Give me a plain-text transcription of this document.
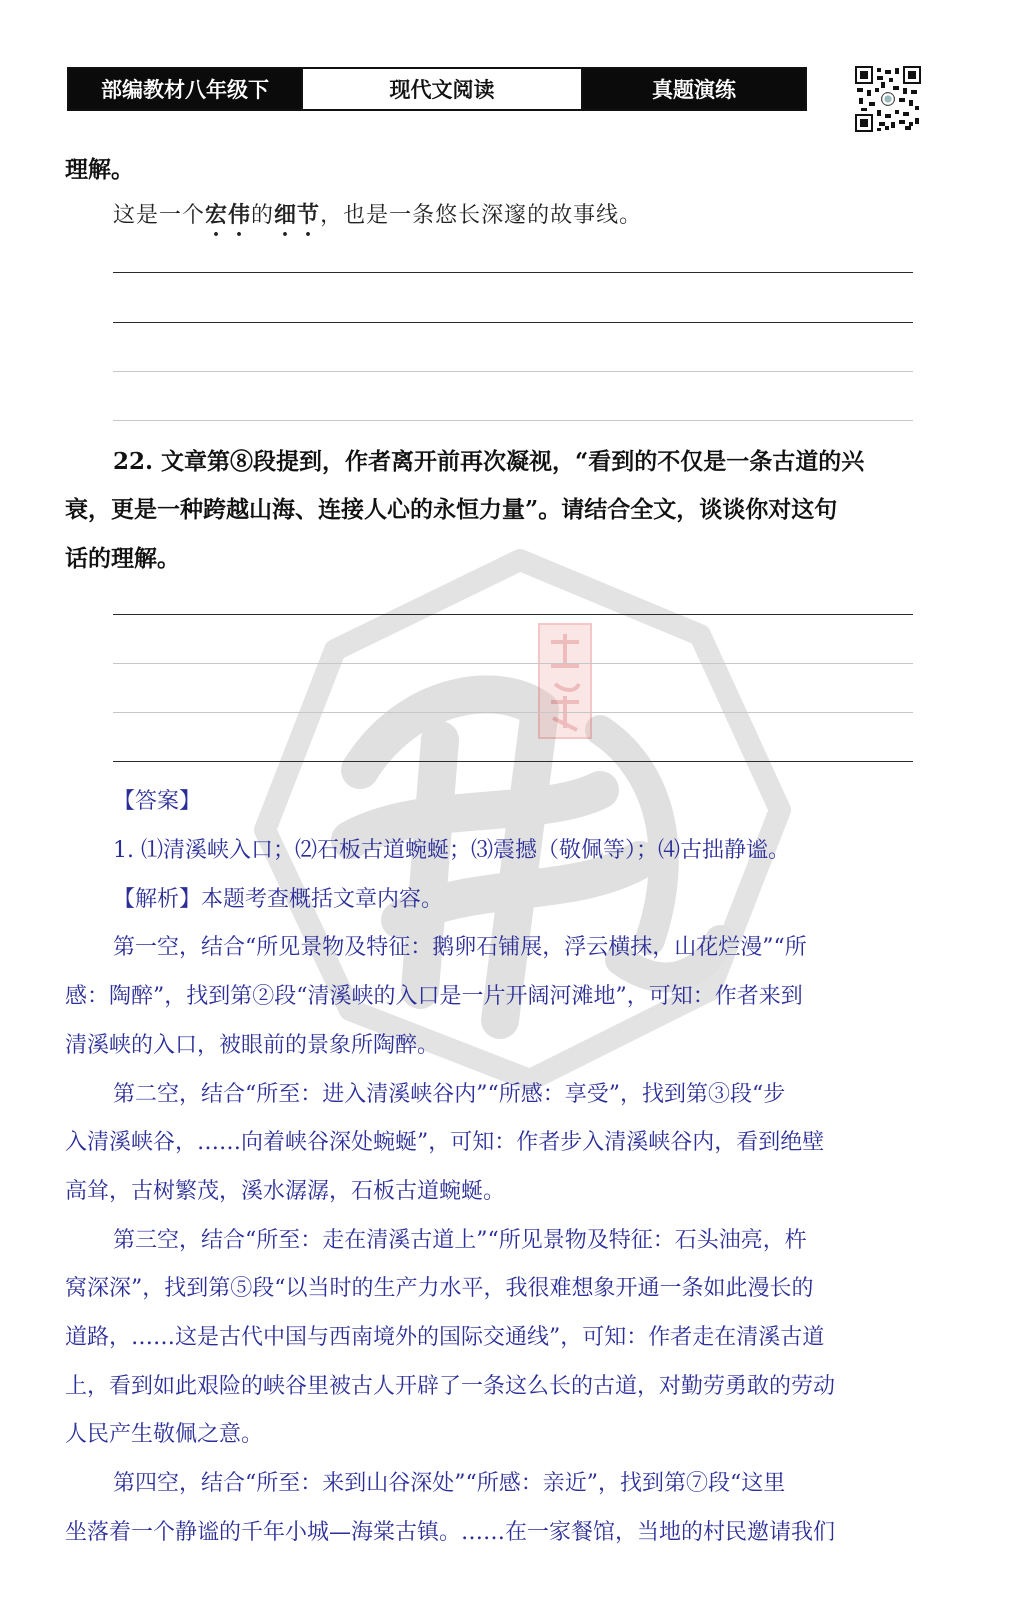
部编教材八年级下	现代文阅读	真题演练
理解。
这是一个宏伟的细节，也是一条悠长深邃的故事线。
22. 文章第⑧段提到，作者离开前再次凝视，“看到的不仅是一条古道的兴
衰，更是一种跨越山海、连接人心的永恒力量”。请结合全文，谈谈你对这句
话的理解。
【答案】
1. ⑴清溪峡入口；⑵石板古道蜿蜒；⑶震撼（敬佩等）；⑷古拙静谧。
【解析】本题考查概括文章内容。
第一空，结合“所见景物及特征：鹅卵石铺展，浮云横抹，山花烂漫”“所
感：陶醉”，找到第②段“清溪峡的入口是一片开阔河滩地”，可知：作者来到
清溪峡的入口，被眼前的景象所陶醉。
第二空，结合“所至：进入清溪峡谷内”“所感：享受”，找到第③段“步
入清溪峡谷，……向着峡谷深处蜿蜒”，可知：作者步入清溪峡谷内，看到绝壁
高耸，古树繁茂，溪水潺潺，石板古道蜿蜒。
第三空，结合“所至：走在清溪古道上”“所见景物及特征：石头油亮，杵
窝深深”，找到第⑤段“以当时的生产力水平，我很难想象开通一条如此漫长的
道路，……这是古代中国与西南境外的国际交通线”，可知：作者走在清溪古道
上，看到如此艰险的峡谷里被古人开辟了一条这么长的古道，对勤劳勇敢的劳动
人民产生敬佩之意。
第四空，结合“所至：来到山谷深处”“所感：亲近”，找到第⑦段“这里
坐落着一个静谧的千年小城—海棠古镇。……在一家餐馆，当地的村民邀请我们
